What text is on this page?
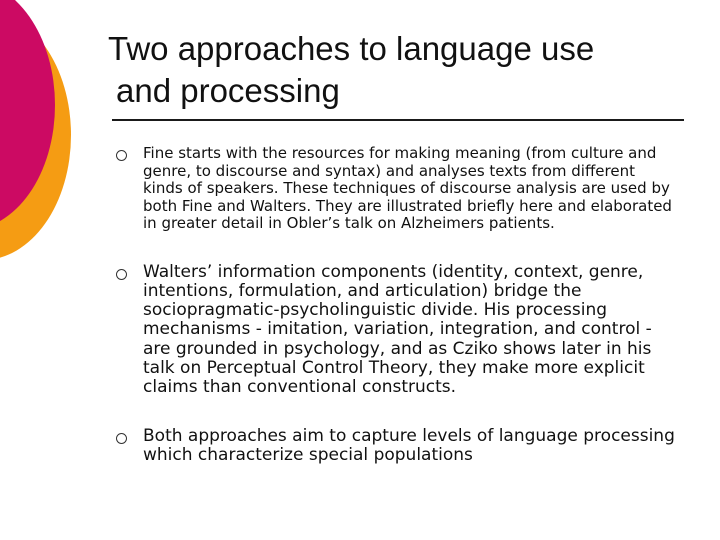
Two approaches to language use
and processing
Fine starts with the resources for making meaning (from culture and genre, to discourse and syntax) and analyses texts from different kinds of speakers. These techniques of discourse analysis are used by both Fine and Walters. They are illustrated briefly here and elaborated in greater detail in Obler’s talk on Alzheimers patients.
Walters’ information components (identity, context, genre, intentions, formulation, and articulation) bridge the sociopragmatic-psycholinguistic divide. His processing mechanisms - imitation, variation, integration, and control - are grounded in psychology, and as Cziko shows later in his talk on Perceptual Control Theory, they make more explicit claims than conventional constructs.
Both approaches aim to capture levels of language processing which characterize special populations
